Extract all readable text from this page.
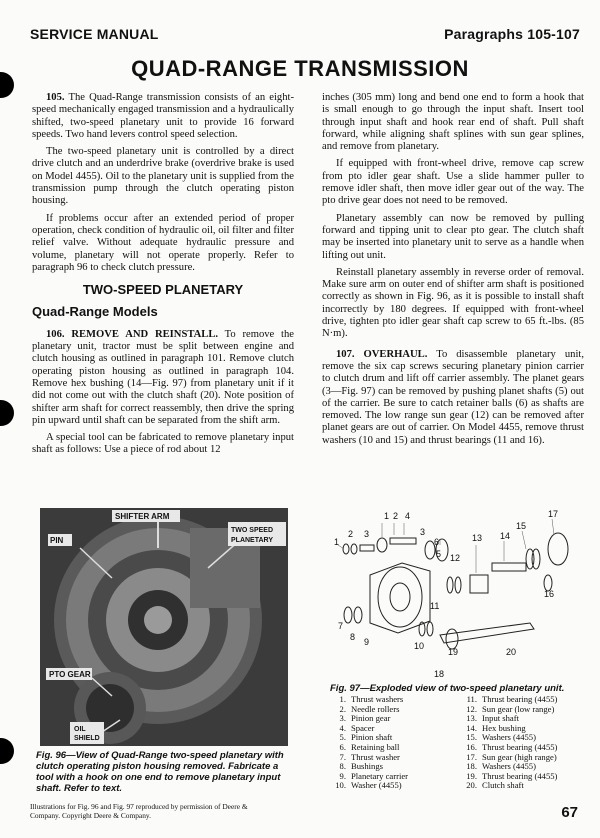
SERVICE MANUAL	Paragraphs 105-107
QUAD-RANGE TRANSMISSION

105. The Quad-Range transmission consists of an eight-speed mechanically engaged transmission and a hydraulically shifted, two-speed planetary unit to provide 16 forward speeds. Two hand levers control speed selection.

The two-speed planetary unit is controlled by a direct drive clutch and an underdrive brake (overdrive brake is used on Model 4455). Oil to the planetary unit is supplied from the transmission pump through the clutch operating piston housing.

If problems occur after an extended period of proper operation, check condition of hydraulic oil, oil filter and filter relief valve. Without adequate hydraulic pressure and volume, planetary will not operate properly. Refer to paragraph 96 to check clutch pressure.

TWO-SPEED PLANETARY
Quad-Range Models

106. REMOVE AND REINSTALL. To remove the planetary unit, tractor must be split between engine and clutch housing as outlined in paragraph 101. Remove clutch operating piston housing as outlined in paragraph 104. Remove hex bushing (14—Fig. 97) from planetary unit if it did not come out with the clutch shaft (20). Note position of shifter arm shaft for correct reassembly, then drive the spring pin upward until shaft can be separated from the shift arm.

A special tool can be fabricated to remove planetary input shaft as follows: Use a piece of rod about 12

inches (305 mm) long and bend one end to form a hook that is small enough to go through the input shaft. Insert tool through input shaft and hook rear end of shaft. Pull shaft forward, while aligning shaft splines with sun gear splines, and remove from planetary.

If equipped with front-wheel drive, remove cap screw from pto idler gear shaft. Use a slide hammer puller to remove idler shaft, then move idler gear out of the way. The pto drive gear does not need to be removed.

Planetary assembly can now be removed by pulling forward and tipping unit to clear pto gear. The clutch shaft may be inserted into planetary unit to serve as a handle when lifting out unit.

Reinstall planetary assembly in reverse order of removal. Make sure arm on outer end of shifter arm shaft is positioned correctly as shown in Fig. 96, as it is possible to install shaft incorrectly by 180 degrees. If equipped with front-wheel drive, tighten pto idler gear shaft cap screw to 65 ft.-lbs. (85 N·m).

107. OVERHAUL. To disassemble planetary unit, remove the six cap screws securing planetary pinion carrier to clutch drum and lift off carrier assembly. The planet gears (3—Fig. 97) can be removed by pushing planet shafts (5) out of the carrier. Be sure to catch retainer balls (6) as shafts are removed. The low range sun gear (12) can be removed after planet gears are out of carrier. On Model 4455, remove thrust washers (10 and 15) and thrust bearings (11 and 16).

SHIFTER ARM
PIN
TWO SPEED
PLANETARY
PTO GEAR
OIL
SHIELD
Fig. 96—View of Quad-Range two-speed planetary with clutch operating piston housing removed. Fabricate a tool with a hook on one end to remove planetary input shaft. Refer to text.
1
2 3
4
5
6
7
8 9	10
11
12
13 14
15
16
17
18
19	20
2
1
3
Fig. 97—Exploded view of two-speed planetary unit.
1. Thrust washers	11. Thrust bearing (4455)
2. Needle rollers	12. Sun gear (low range)
3. Pinion gear	13. Input shaft
4. Spacer	14. Hex bushing
5. Pinion shaft	15. Washers (4455)
6. Retaining ball	16. Thrust bearing (4455)
7. Thrust washer	17. Sun gear (high range)
8. Bushings	18. Washers (4455)
9. Planetary carrier	19. Thrust bearing (4455)
10. Washer (4455)	20. Clutch shaft
Illustrations for Fig. 96 and Fig. 97 reproduced by permission of Deere & Company. Copyright Deere & Company.	67
